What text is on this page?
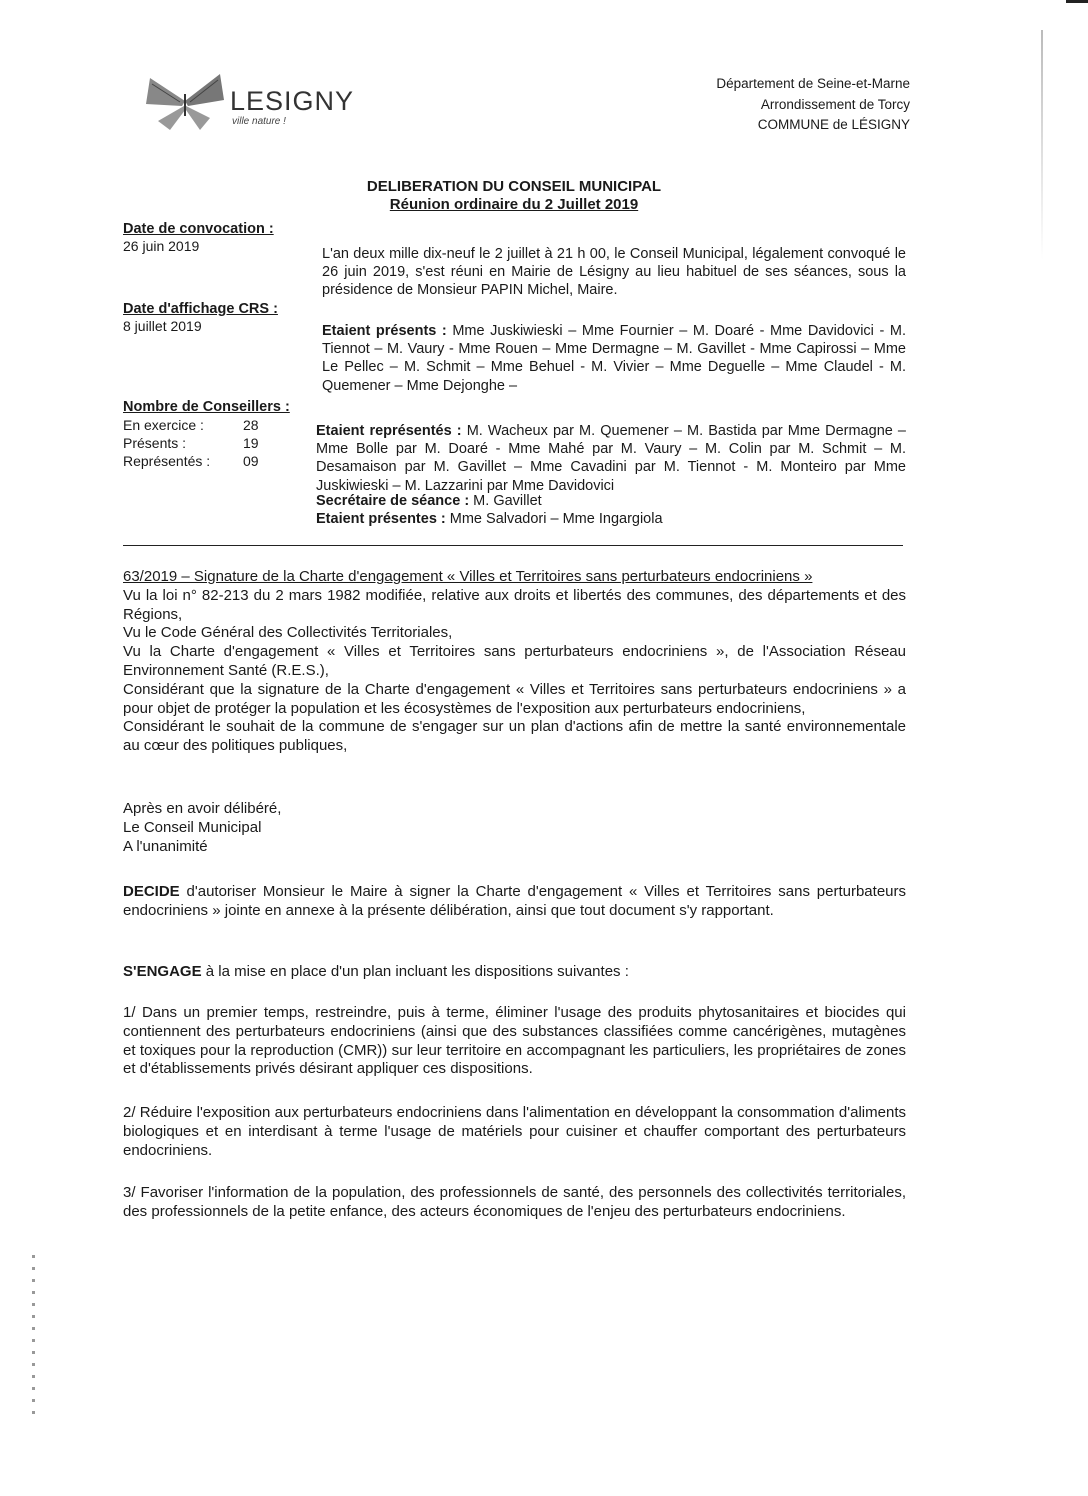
LESIGNY
ville nature !
Département de Seine-et-Marne
Arrondissement de Torcy
COMMUNE de LÉSIGNY
DELIBERATION DU CONSEIL MUNICIPAL
Réunion ordinaire du 2 Juillet 2019
Date de convocation :
26 juin 2019
Date d'affichage CRS :
8 juillet 2019
Nombre de Conseillers :
En exercice :	28
Présents :	19
Représentés :	09
L'an deux mille dix-neuf le 2 juillet à 21 h 00, le Conseil Municipal, légalement convoqué le 26 juin 2019, s'est réuni en Mairie de Lésigny au lieu habituel de ses séances, sous la présidence de Monsieur PAPIN Michel, Maire.
Etaient présents : Mme Juskiwieski – Mme Fournier – M. Doaré - Mme Davidovici - M. Tiennot – M. Vaury - Mme Rouen – Mme Dermagne – M. Gavillet - Mme Capirossi – Mme Le Pellec – M. Schmit – Mme Behuel - M. Vivier – Mme Deguelle – Mme Claudel - M. Quemener – Mme Dejonghe –
Etaient représentés : M. Wacheux par M. Quemener – M. Bastida par Mme Dermagne – Mme Bolle par M. Doaré - Mme Mahé par M. Vaury – M. Colin par M. Schmit – M. Desamaison par M. Gavillet – Mme Cavadini par M. Tiennot - M. Monteiro par Mme Juskiwieski – M. Lazzarini par Mme Davidovici
Secrétaire de séance : M. Gavillet
Etaient présentes : Mme Salvadori – Mme Ingargiola

63/2019 – Signature de la Charte d'engagement « Villes et Territoires sans perturbateurs endocriniens »

Vu la loi n° 82-213 du 2 mars 1982 modifiée, relative aux droits et libertés des communes, des départements et des Régions,

Vu le Code Général des Collectivités Territoriales,

Vu la Charte d'engagement « Villes et Territoires sans perturbateurs endocriniens », de l'Association Réseau Environnement Santé (R.E.S.),

Considérant que la signature de la Charte d'engagement « Villes et Territoires sans perturbateurs endocriniens » a pour objet de protéger la population et les écosystèmes de l'exposition aux perturbateurs endocriniens,

Considérant le souhait de la commune de s'engager sur un plan d'actions afin de mettre la santé environnementale au cœur des politiques publiques,

Après en avoir délibéré,

Le Conseil Municipal

A l'unanimité

DECIDE d'autoriser Monsieur le Maire à signer la Charte d'engagement « Villes et Territoires sans perturbateurs endocriniens » jointe en annexe à la présente délibération, ainsi que tout document s'y rapportant.

S'ENGAGE à la mise en place d'un plan incluant les dispositions suivantes :

1/ Dans un premier temps, restreindre, puis à terme, éliminer l'usage des produits phytosanitaires et biocides qui contiennent des perturbateurs endocriniens (ainsi que des substances classifiées comme cancérigènes, mutagènes et toxiques pour la reproduction (CMR)) sur leur territoire en accompagnant les particuliers, les propriétaires de zones et d'établissements privés désirant appliquer ces dispositions.
2/ Réduire l'exposition aux perturbateurs endocriniens dans l'alimentation en développant la consommation d'aliments biologiques et en interdisant à terme l'usage de matériels pour cuisiner et chauffer comportant des perturbateurs endocriniens.
3/ Favoriser l'information de la population, des professionnels de santé, des personnels des collectivités territoriales, des professionnels de la petite enfance, des acteurs économiques de l'enjeu des perturbateurs endocriniens.
